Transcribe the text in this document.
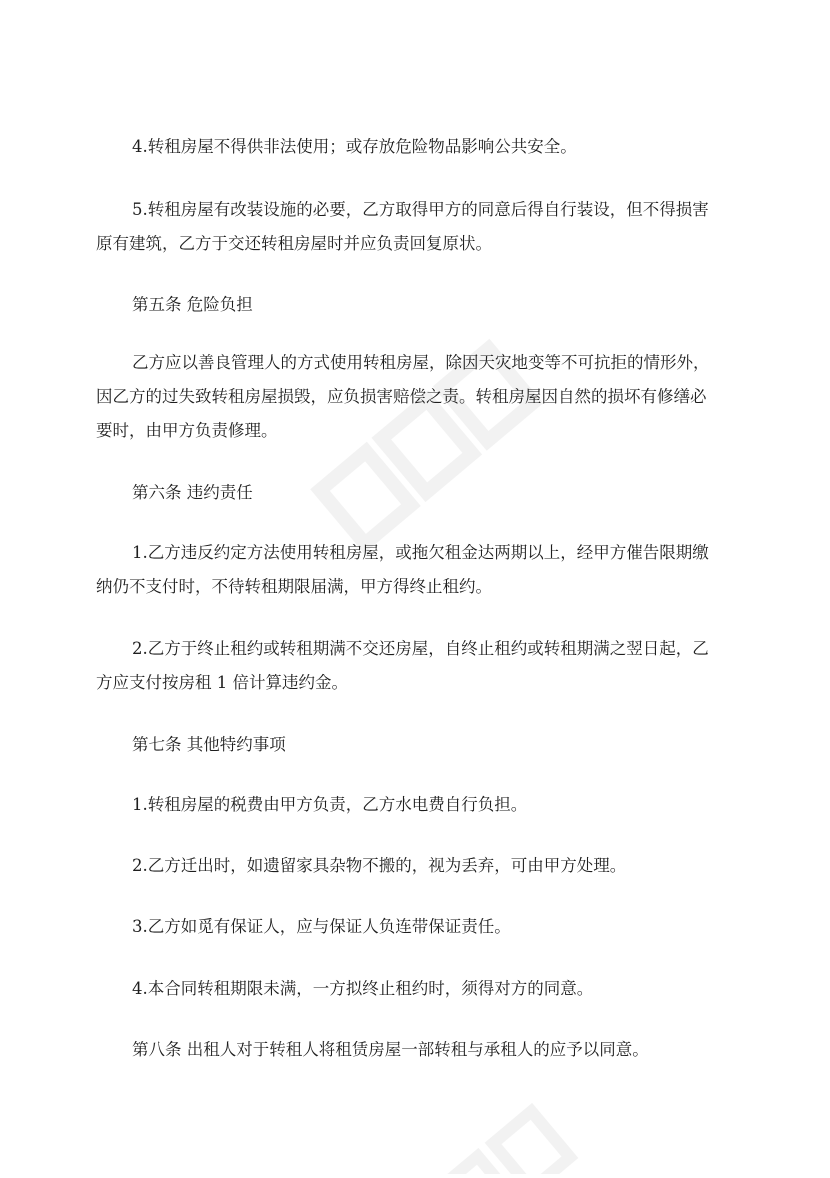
4.转租房屋不得供非法使用；或存放危险物品影响公共安全。

5.转租房屋有改装设施的必要，乙方取得甲方的同意后得自行装设，但不得损害
原有建筑，乙方于交还转租房屋时并应负责回复原状。

第五条 危险负担

乙方应以善良管理人的方式使用转租房屋，除因天灾地变等不可抗拒的情形外，
因乙方的过失致转租房屋损毁，应负损害赔偿之责。转租房屋因自然的损坏有修缮必
要时，由甲方负责修理。

第六条 违约责任

1.乙方违反约定方法使用转租房屋，或拖欠租金达两期以上，经甲方催告限期缴
纳仍不支付时，不待转租期限届满，甲方得终止租约。

2.乙方于终止租约或转租期满不交还房屋，自终止租约或转租期满之翌日起，乙
方应支付按房租 1 倍计算违约金。

第七条 其他特约事项

1.转租房屋的税费由甲方负责，乙方水电费自行负担。

2.乙方迁出时，如遗留家具杂物不搬的，视为丢弃，可由甲方处理。

3.乙方如觅有保证人，应与保证人负连带保证责任。

4.本合同转租期限未满，一方拟终止租约时，须得对方的同意。

第八条 出租人对于转租人将租赁房屋一部转租与承租人的应予以同意。
